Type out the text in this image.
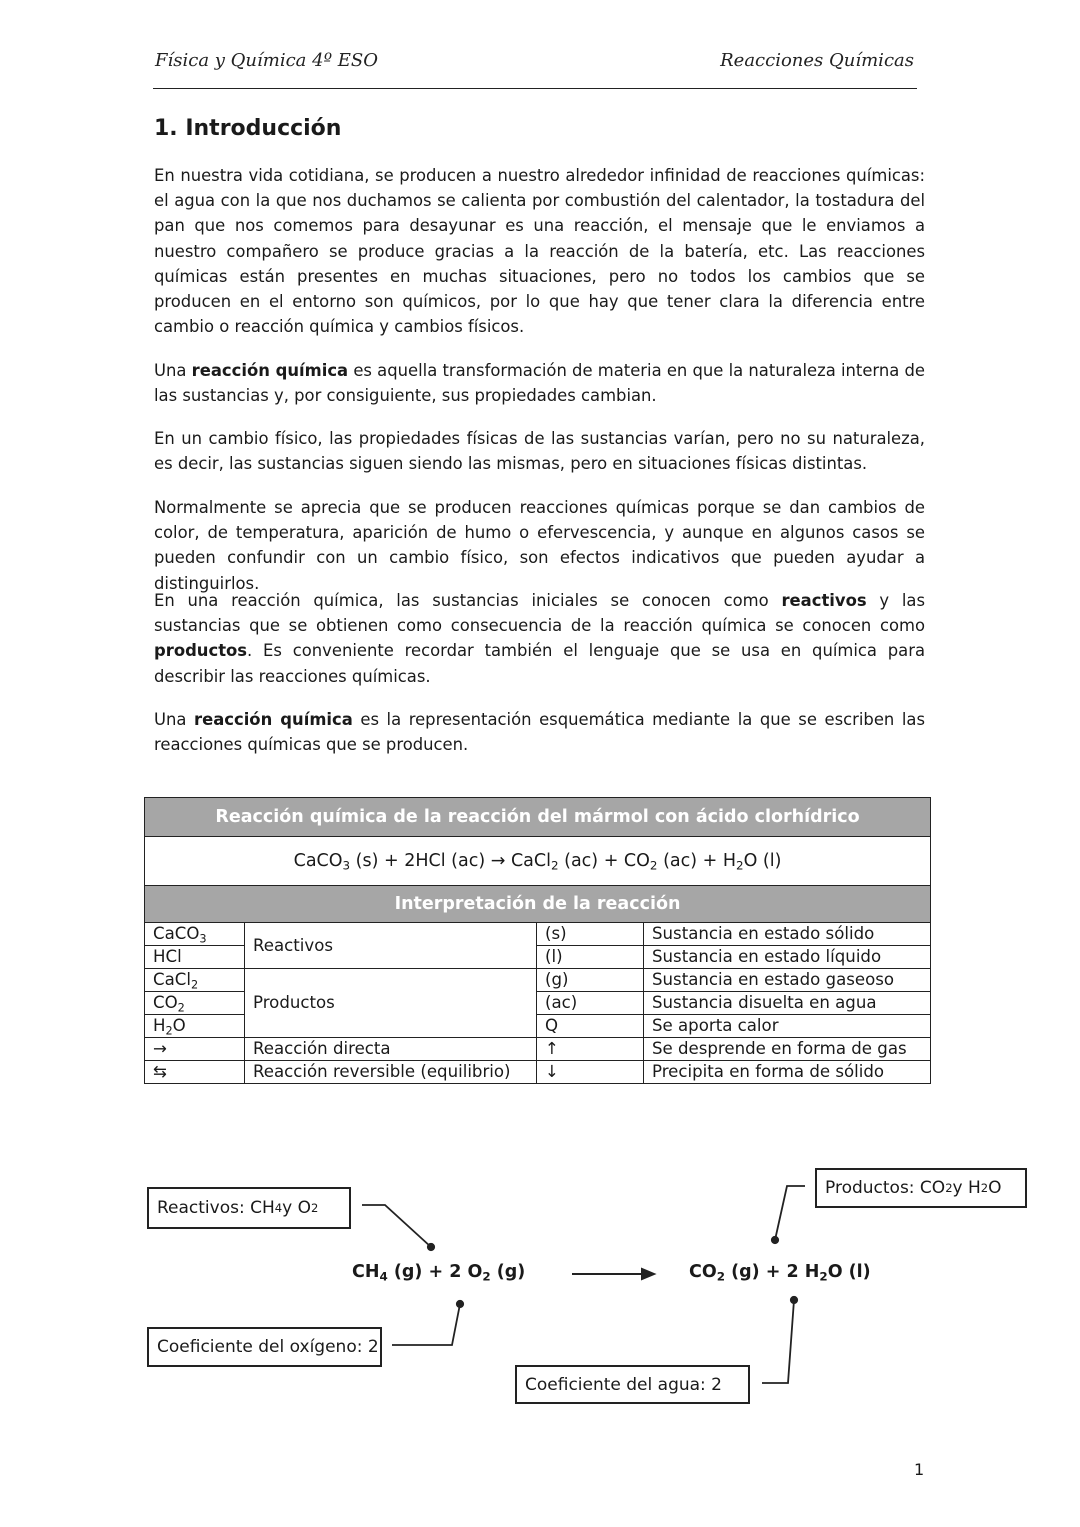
Física y Química 4º ESO	Reacciones Químicas
1. Introducción

En nuestra vida cotidiana, se producen a nuestro alrededor infinidad de reacciones químicas: el agua con la que nos duchamos se calienta por combustión del calentador, la tostadura del pan que nos comemos para desayunar es una reacción, el mensaje que le enviamos a nuestro compañero se produce gracias a la reacción de la batería, etc. Las reacciones químicas están presentes en muchas situaciones, pero no todos los cambios que se producen en el entorno son químicos, por lo que hay que tener clara la diferencia entre cambio o reacción química y cambios físicos.

Una reacción química es aquella transformación de materia en que la naturaleza interna de las sustancias y, por consiguiente, sus propiedades cambian.

En un cambio físico, las propiedades físicas de las sustancias varían, pero no su naturaleza, es decir, las sustancias siguen siendo las mismas, pero en situaciones físicas distintas.

Normalmente se aprecia que se producen reacciones químicas porque se dan cambios de color, de temperatura, aparición de humo o efervescencia, y aunque en algunos casos se pueden confundir con un cambio físico, son efectos indicativos que pueden ayudar a distinguirlos.

En una reacción química, las sustancias iniciales se conocen como reactivos y las sustancias que se obtienen como consecuencia de la reacción química se conocen como productos. Es conveniente recordar también el lenguaje que se usa en química para describir las reacciones químicas.

Una reacción química es la representación esquemática mediante la que se escriben las reacciones químicas que se producen.

Reacción química de la reacción del mármol con ácido clorhídrico			
CaCO$_3$ (s) + 2HCl (ac) → CaCl$_2$ $(ac) + CO_2$ $(ac) + H_2O$ (l)			
Interpretación de la reacción			
CaCO$_3$	Reactivos	(s)	Sustancia en estado sólido
HCl		(l)	Sustancia en estado líquido
CaCl$_2$	Productos	(g)	Sustancia en estado gaseoso
$CO_2$		(ac)	Sustancia disuelta en agua
$H_2O$		Q	Se aporta calor
→	Reacción directa	↑	Se desprende en forma de gas
⇆	Reacción reversible (equilibrio)	↓	Precipita en forma de sólido
Reactivos: CH 4 y O 2
Productos: CO 2 y H 2 O
Coeficiente del oxígeno: 2
Coeficiente del agua: 2
$CH_4$ (g) + 2 $O_2$ (g)	$CO_2$ (g) + 2 $H_2O$ (l)
1
